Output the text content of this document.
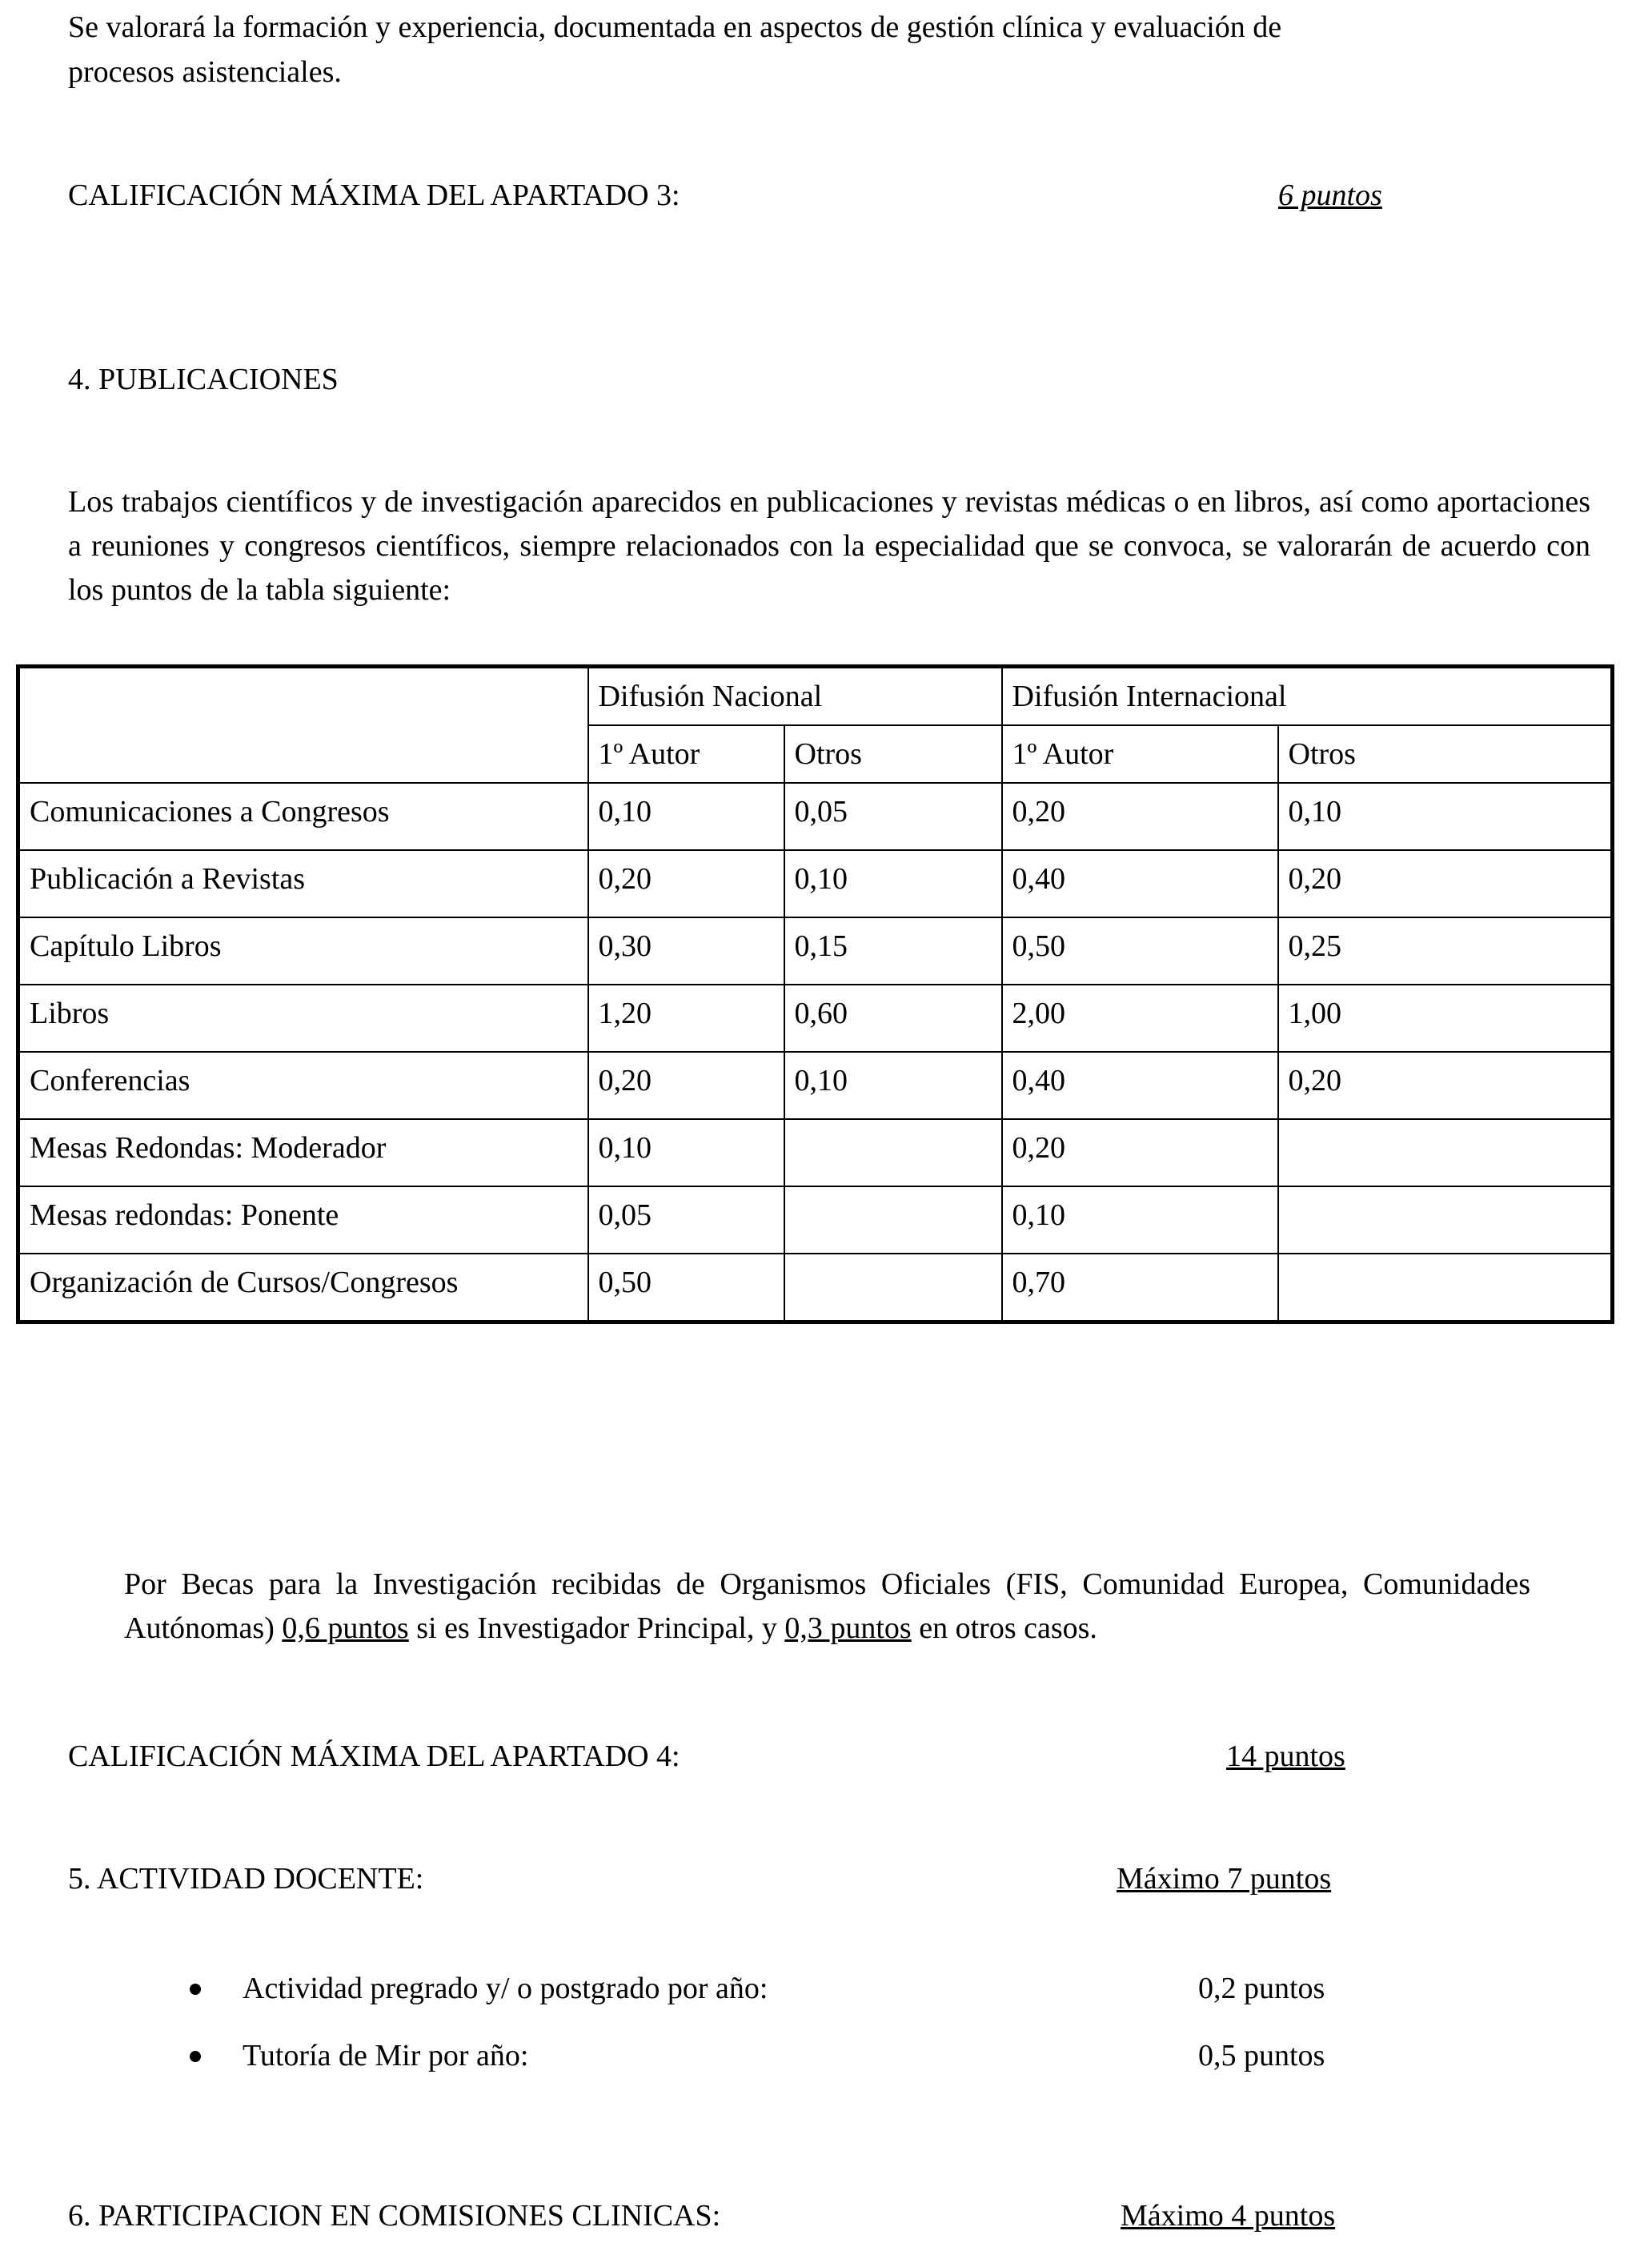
Se valorará la formación y experiencia, documentada en aspectos de gestión clínica y evaluación de procesos asistenciales.

CALIFICACIÓN MÁXIMA DEL APARTADO 3:	6 puntos
4. PUBLICACIONES

Los trabajos científicos y de investigación aparecidos en publicaciones y revistas médicas o en libros, así como aportaciones a reuniones y congresos científicos, siempre relacionados con la especialidad que se convoca, se valorarán de acuerdo con los puntos de la tabla siguiente:

	Difusión Nacional		Difusión Internacional	
	1º Autor	Otros	1º Autor	Otros
Comunicaciones a Congresos	0,10	0,05	0,20	0,10
Publicación a Revistas	0,20	0,10	0,40	0,20
Capítulo Libros	0,30	0,15	0,50	0,25
Libros	1,20	0,60	2,00	1,00
Conferencias	0,20	0,10	0,40	0,20
Mesas Redondas: Moderador	0,10		0,20	
Mesas redondas: Ponente	0,05		0,10	
Organización de Cursos/Congresos	0,50		0,70	

Por Becas para la Investigación recibidas de Organismos Oficiales (FIS, Comunidad Europea, Comunidades Autónomas) 0,6 puntos si es Investigador Principal, y 0,3 puntos en otros casos.

CALIFICACIÓN MÁXIMA DEL APARTADO 4:	14 puntos
5. ACTIVIDAD DOCENTE:	Máximo 7 puntos
Actividad pregrado y/ o postgrado por año:	0,2 puntos
Tutoría de Mir por año:	0,5 puntos
6. PARTICIPACION EN COMISIONES CLINICAS:	Máximo 4 puntos
